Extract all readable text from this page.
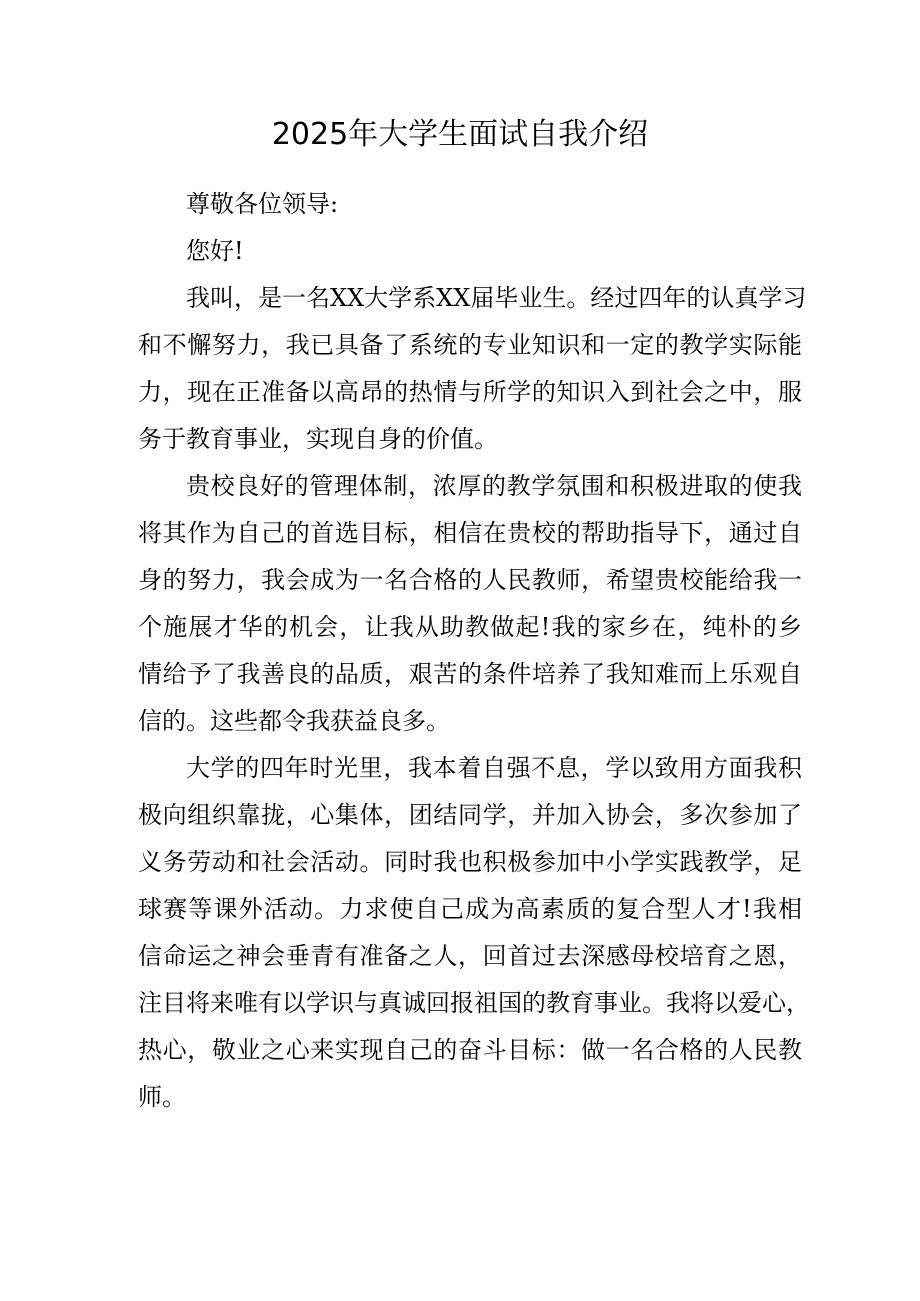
2025年大学生面试自我介绍

尊敬各位领导:

您好!

我叫，是一名XX大学系XX届毕业生。经过四年的认真学习
和不懈努力，我已具备了系统的专业知识和一定的教学实际能
力，现在正准备以高昂的热情与所学的知识入到社会之中，服
务于教育事业，实现自身的价值。

贵校良好的管理体制，浓厚的教学氛围和积极进取的使我
将其作为自己的首选目标，相信在贵校的帮助指导下，通过自
身的努力，我会成为一名合格的人民教师，希望贵校能给我一
个施展才华的机会，让我从助教做起!我的家乡在，纯朴的乡
情给予了我善良的品质，艰苦的条件培养了我知难而上乐观自
信的。这些都令我获益良多。

大学的四年时光里，我本着自强不息，学以致用方面我积
极向组织靠拢，心集体，团结同学，并加入协会，多次参加了
义务劳动和社会活动。同时我也积极参加中小学实践教学，足
球赛等课外活动。力求使自己成为高素质的复合型人才!我相
信命运之神会垂青有准备之人，回首过去深感母校培育之恩，
注目将来唯有以学识与真诚回报祖国的教育事业。我将以爱心，
热心，敬业之心来实现自己的奋斗目标：做一名合格的人民教
师。
